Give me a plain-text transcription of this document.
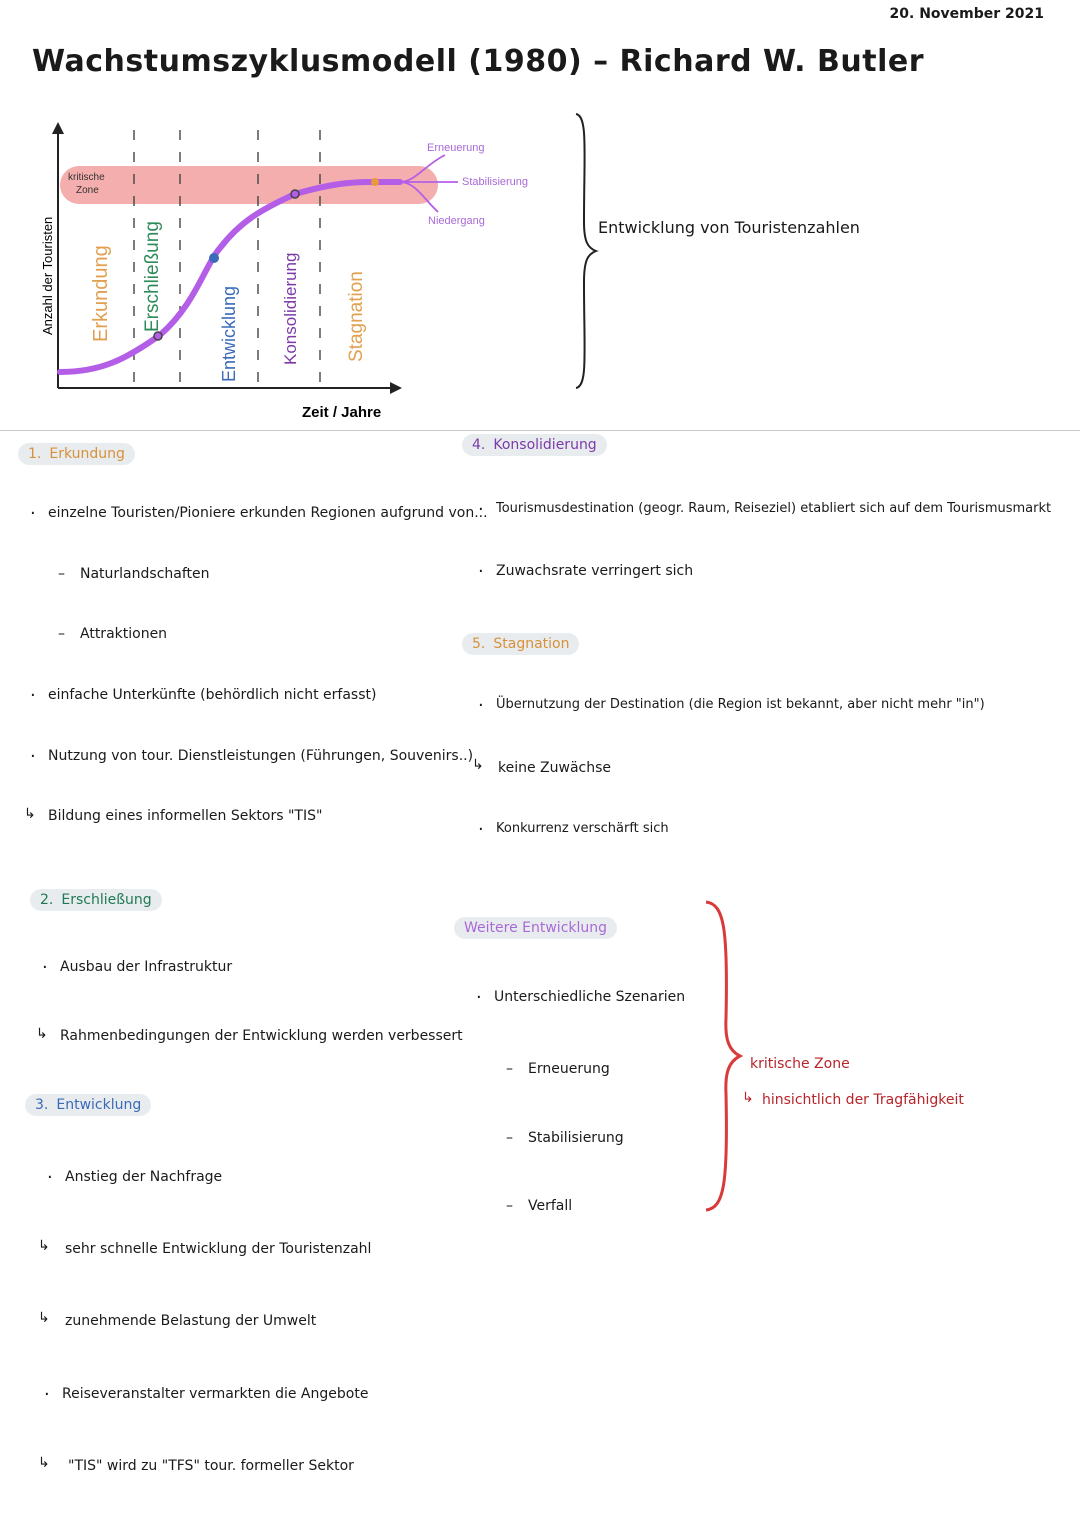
20. November 2021
Wachstumszyklusmodell (1980) – Richard W. Butler
Anzahl der Touristen
Zeit / Jahre
kritische
Zone
Erkundung Erschließung
Entwicklung Konsolidierung Stagnation
Erneuerung
Stabilisierung
Niedergang	Entwicklung von Touristenzahlen
1. Erkundung
· einzelne Touristen/Pioniere erkunden Regionen aufgrund von...
– Naturlandschaften
– Attraktionen
· einfache Unterkünfte (behördlich nicht erfasst)
· Nutzung von tour. Dienstleistungen (Führungen, Souvenirs..)
↳ Bildung eines informellen Sektors "TIS"
2. Erschließung
· Ausbau der Infrastruktur
↳ Rahmenbedingungen der Entwicklung werden verbessert
3. Entwicklung
· Anstieg der Nachfrage
↳ sehr schnelle Entwicklung der Touristenzahl
↳ zunehmende Belastung der Umwelt
· Reiseveranstalter vermarkten die Angebote
↳ "TIS" wird zu "TFS" tour. formeller Sektor
4. Konsolidierung
· Tourismusdestination (geogr. Raum, Reiseziel) etabliert sich auf dem Tourismusmarkt
· Zuwachsrate verringert sich
5. Stagnation
· Übernutzung der Destination (die Region ist bekannt, aber nicht mehr "in")
↳ keine Zuwächse
· Konkurrenz verschärft sich
Weitere Entwicklung
· Unterschiedliche Szenarien
– Erneuerung
– Stabilisierung
– Verfall
kritische Zone
↳ hinsichtlich der Tragfähigkeit
